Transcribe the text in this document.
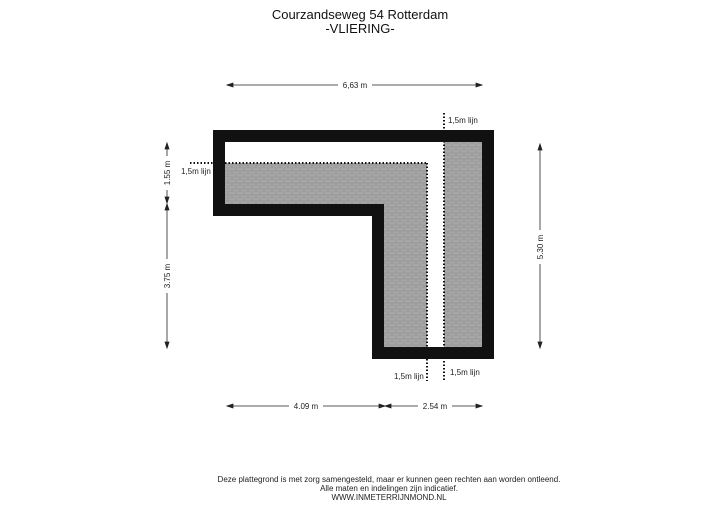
Courzandseweg 54 Rotterdam
-VLIERING-
6,63 m
5.30 m
1.55 m
3.75 m
4.09 m	2.54 m
1,5m lijn
1,5m lijn
1,5m lijn	1,5m lijn
Deze plattegrond is met zorg samengesteld, maar er kunnen geen rechten aan worden ontleend.
Alle maten en indelingen zijn indicatief.
WWW.INMETERRIJNMOND.NL
